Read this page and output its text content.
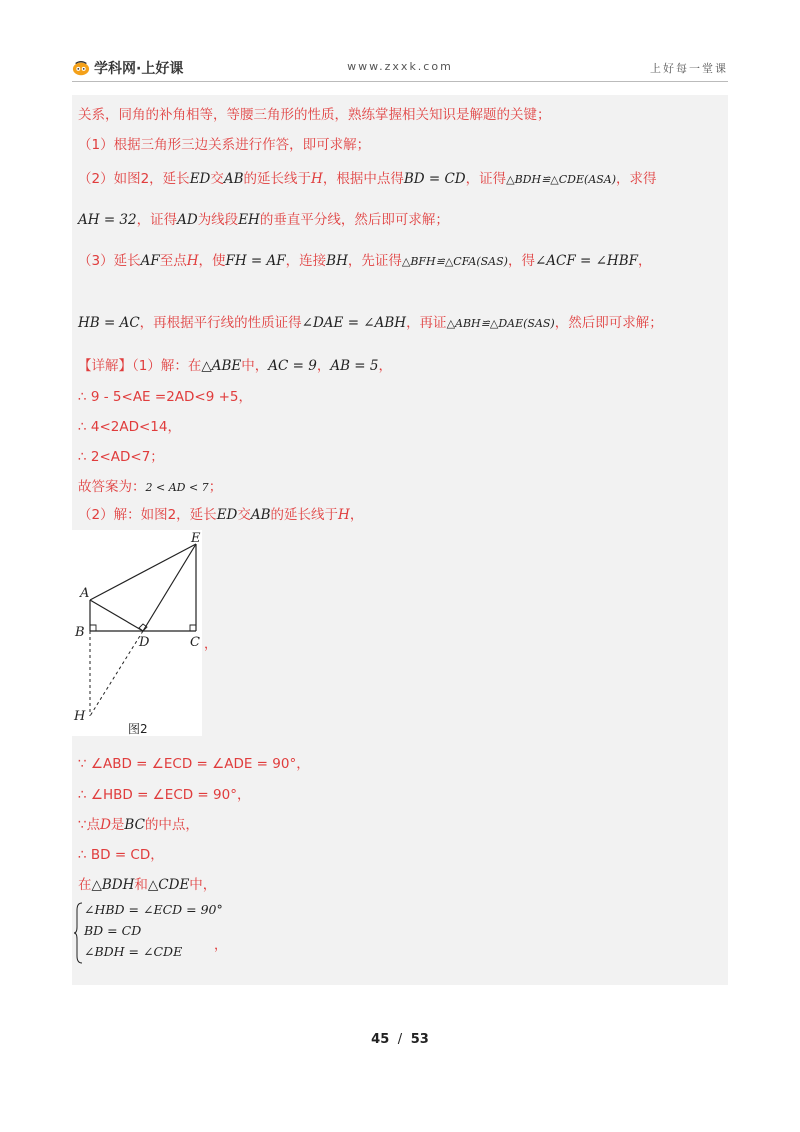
学科网·上好课	www.zxxk.com	上好每一堂课
关系，同角的补角相等，等腰三角形的性质，熟练掌握相关知识是解题的关键；
（1）根据三角形三边关系进行作答，即可求解；
（2）如图2，延长ED交AB的延长线于H，根据中点得BD = CD，证得△BDH≌△CDE(ASA)，求得
AH = 32，证得AD为线段EH的垂直平分线，然后即可求解；
（3）延长AF至点H，使FH = AF，连接BH，先证得△BFH≌△CFA(SAS)，得∠ACF = ∠HBF，
HB = AC，再根据平行线的性质证得∠DAE = ∠ABH，再证△ABH≌△DAE(SAS)，然后即可求解；
【详解】（1）解：在△ABE中，AC = 9，AB = 5，
∴ 9 - 5<AE =2AD<9 +5，
∴ 4<2AD<14，
∴ 2<AD<7；
故答案为：2 < AD < 7；
（2）解：如图2，延长ED交AB的延长线于H，
∵ ∠ABD = ∠ECD = ∠ADE = 90°，
∴ ∠HBD = ∠ECD = 90°，
∵点D是BC的中点，
∴ BD = CD，
在△BDH和△CDE中，
∠HBD = ∠ECD = 90°
BD = CD
∠BDH = ∠CDE ，
E
A
B
D	C
H
图2
，
45 / 53
